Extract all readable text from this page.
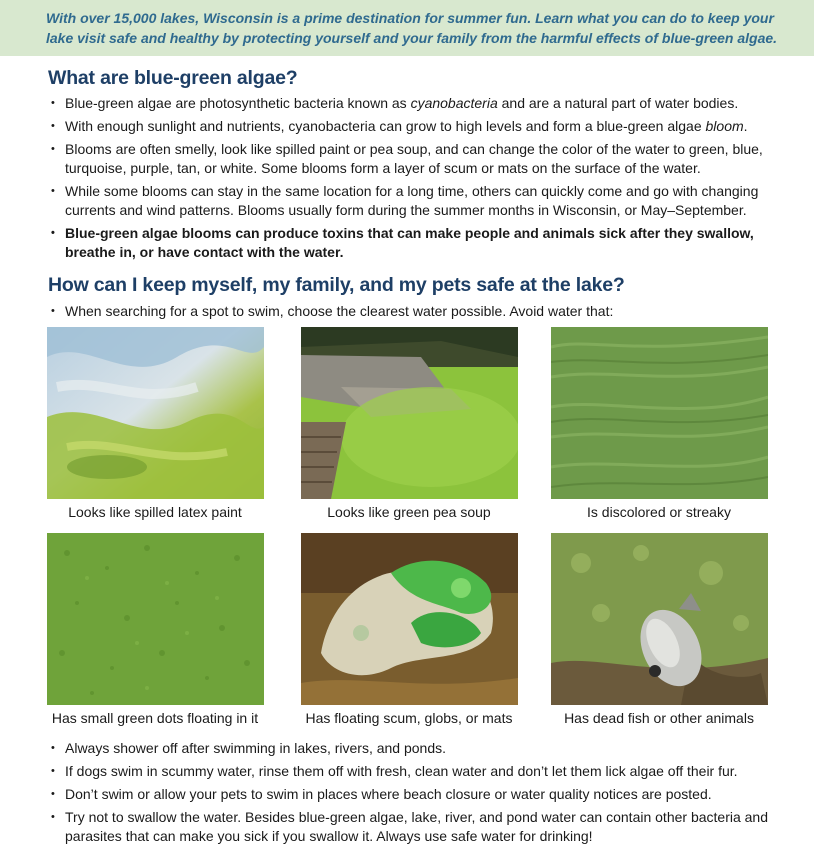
With over 15,000 lakes, Wisconsin is a prime destination for summer fun. Learn what you can do to keep your lake visit safe and healthy by protecting yourself and your family from the harmful effects of blue-green algae.

What are blue-green algae?
• Blue-green algae are photosynthetic bacteria known as cyanobacteria and are a natural part of water bodies.
• With enough sunlight and nutrients, cyanobacteria can grow to high levels and form a blue-green algae bloom.
• Blooms are often smelly, look like spilled paint or pea soup, and can change the color of the water to green, blue, turquoise, purple, tan, or white. Some blooms form a layer of scum or mats on the surface of the water.
• While some blooms can stay in the same location for a long time, others can quickly come and go with changing currents and wind patterns. Blooms usually form during the summer months in Wisconsin, or May–September.
• Blue-green algae blooms can produce toxins that can make people and animals sick after they swallow, breathe in, or have contact with the water.
How can I keep myself, my family, and my pets safe at the lake?
• When searching for a spot to swim, choose the clearest water possible. Avoid water that:
Looks like spilled latex paint	Looks like green pea soup	Is discolored or streaky
Has small green dots floating in it	Has floating scum, globs, or mats	Has dead fish or other animals
• Always shower off after swimming in lakes, rivers, and ponds.
• If dogs swim in scummy water, rinse them off with fresh, clean water and don’t let them lick algae off their fur.
• Don’t swim or allow your pets to swim in places where beach closure or water quality notices are posted.
• Try not to swallow the water. Besides blue-green algae, lake, river, and pond water can contain other bacteria and parasites that can make you sick if you swallow it. Always use safe water for drinking!
